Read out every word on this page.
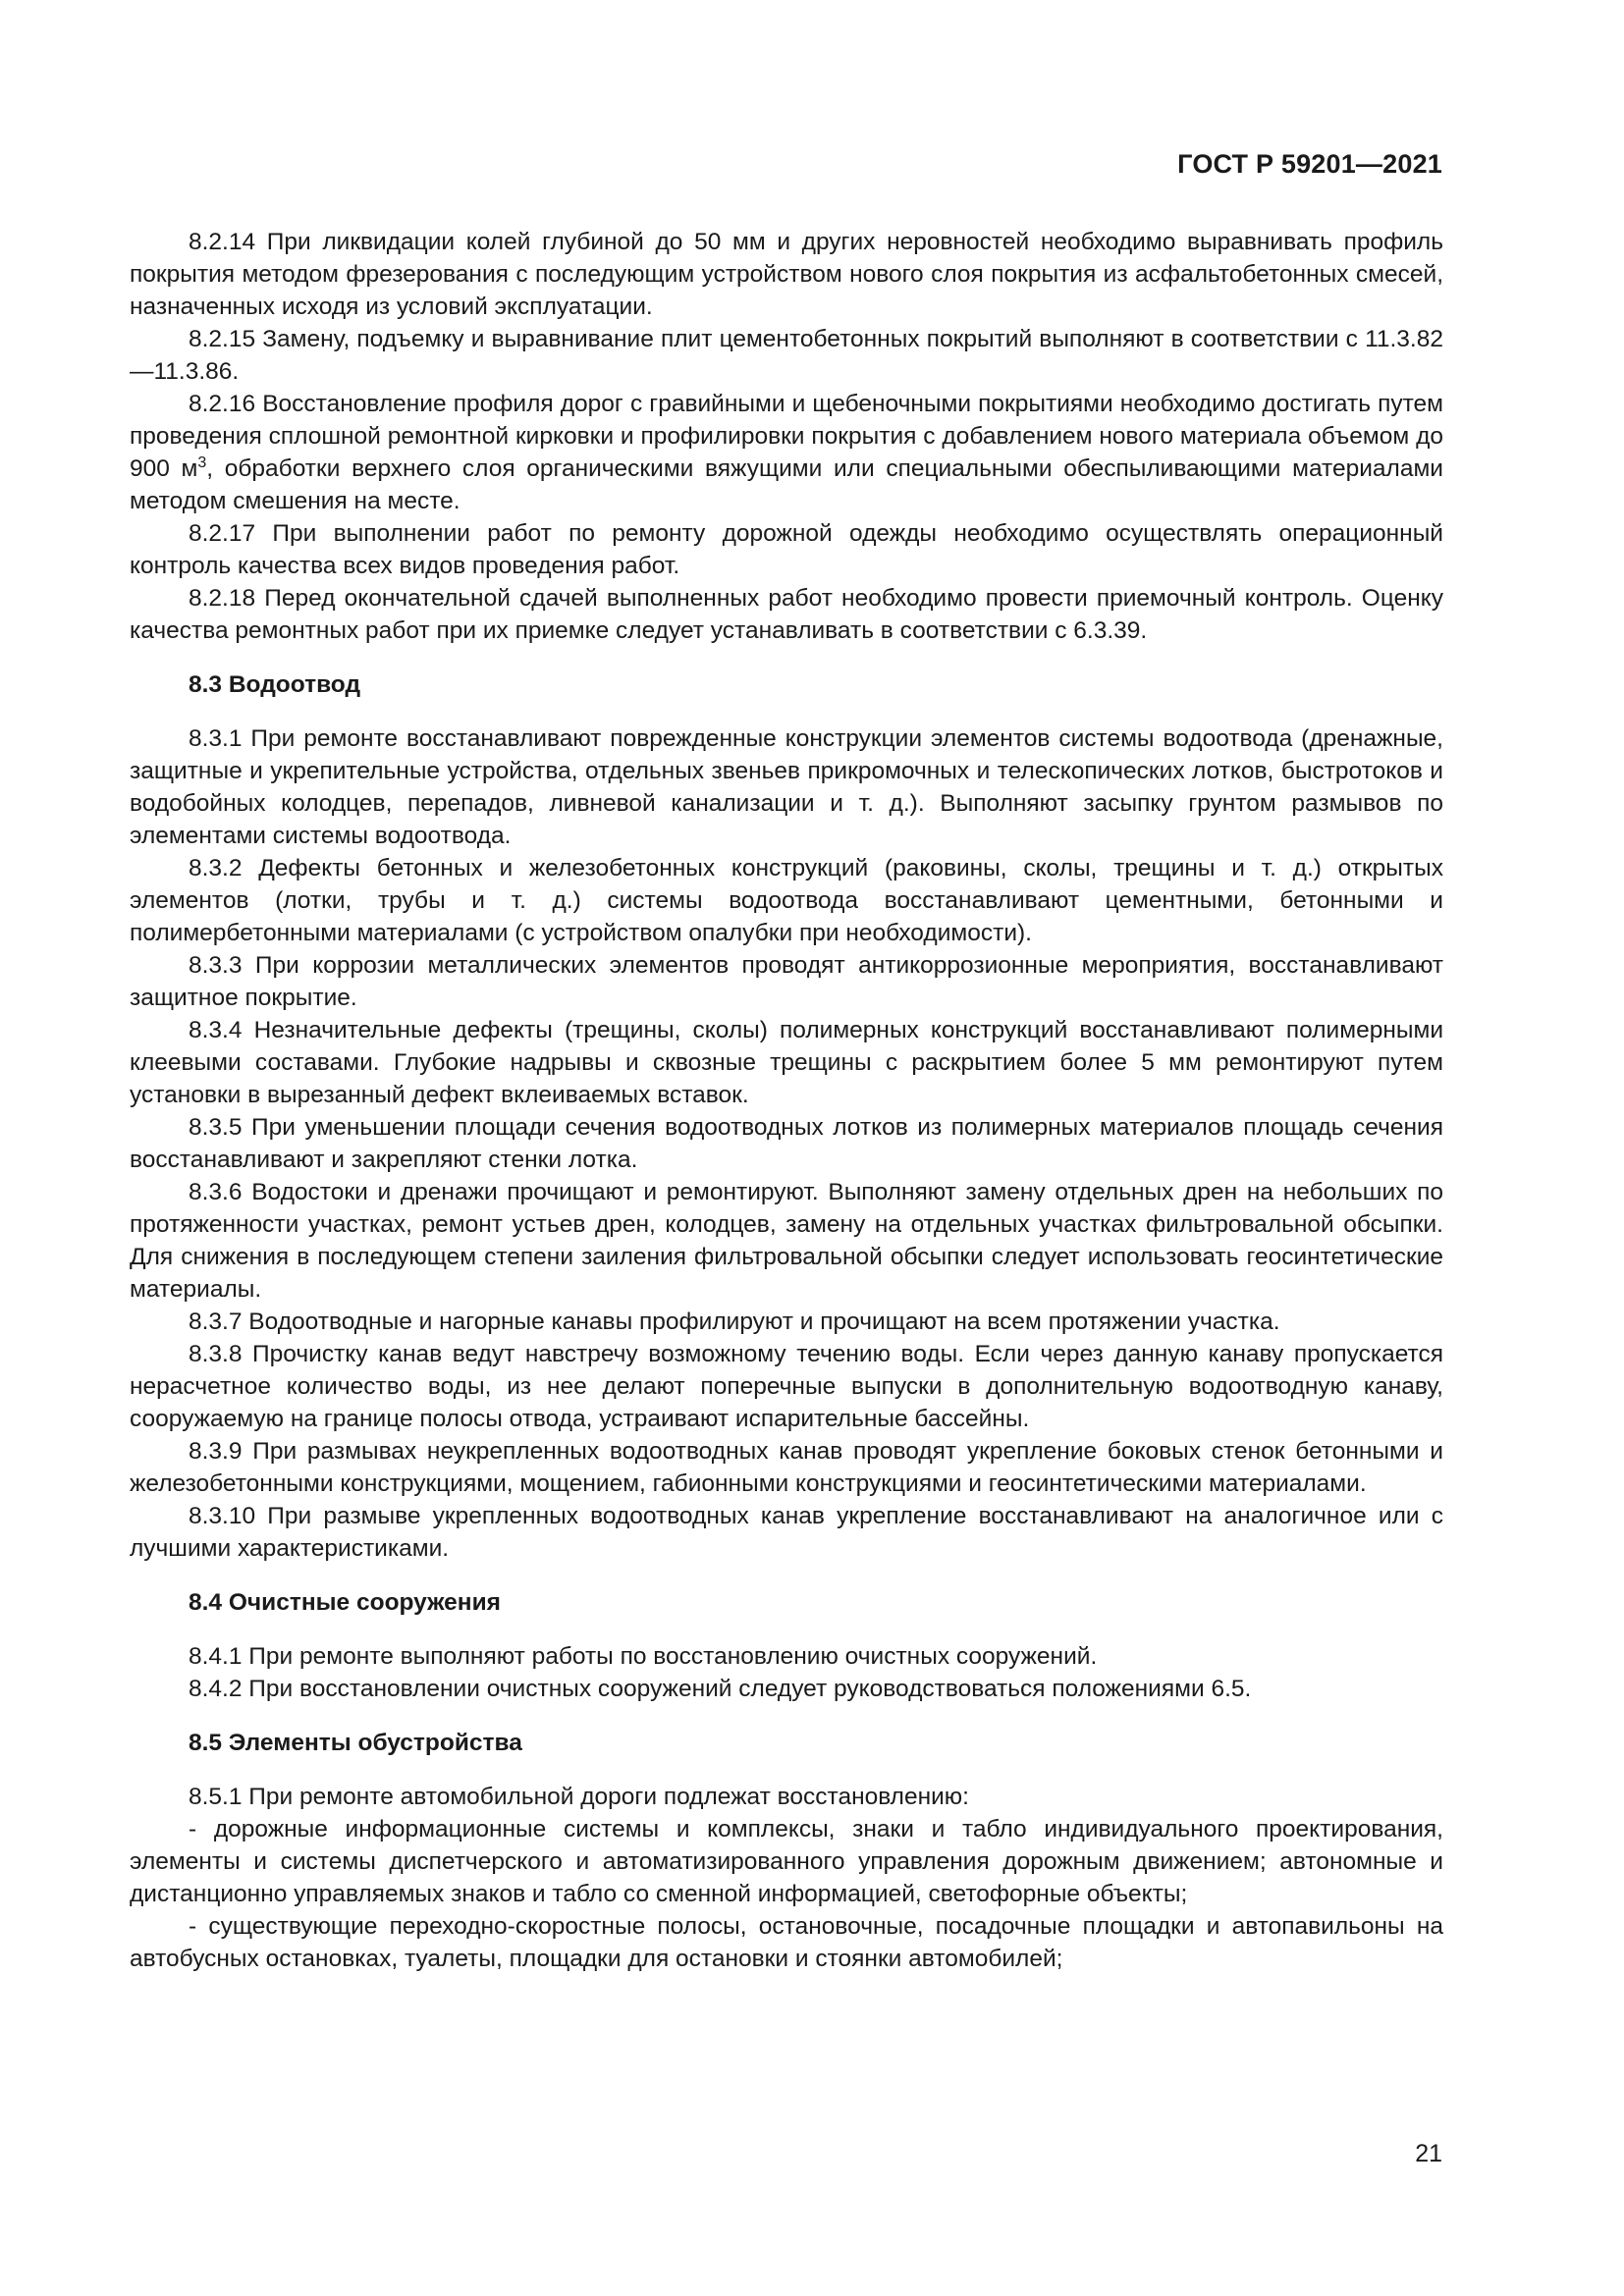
ГОСТ Р 59201—2021
8.2.14 При ликвидации колей глубиной до 50 мм и других неровностей необходимо выравнивать профиль покрытия методом фрезерования с последующим устройством нового слоя покрытия из асфальтобетонных смесей, назначенных исходя из условий эксплуатации.
8.2.15 Замену, подъемку и выравнивание плит цементобетонных покрытий выполняют в соответствии с 11.3.82—11.3.86.
8.2.16 Восстановление профиля дорог с гравийными и щебеночными покрытиями необходимо достигать путем проведения сплошной ремонтной кирковки и профилировки покрытия с добавлением нового материала объемом до 900 $м^3$, обработки верхнего слоя органическими вяжущими или специальными обеспыливающими материалами методом смешения на месте.
8.2.17 При выполнении работ по ремонту дорожной одежды необходимо осуществлять операционный контроль качества всех видов проведения работ.
8.2.18 Перед окончательной сдачей выполненных работ необходимо провести приемочный контроль. Оценку качества ремонтных работ при их приемке следует устанавливать в соответствии с 6.3.39.
8.3 Водоотвод
8.3.1 При ремонте восстанавливают поврежденные конструкции элементов системы водоотвода (дренажные, защитные и укрепительные устройства, отдельных звеньев прикромочных и телескопических лотков, быстротоков и водобойных колодцев, перепадов, ливневой канализации и т. д.). Выполняют засыпку грунтом размывов по элементами системы водоотвода.
8.3.2 Дефекты бетонных и железобетонных конструкций (раковины, сколы, трещины и т. д.) открытых элементов (лотки, трубы и т. д.) системы водоотвода восстанавливают цементными, бетонными и полимербетонными материалами (с устройством опалубки при необходимости).
8.3.3 При коррозии металлических элементов проводят антикоррозионные мероприятия, восстанавливают защитное покрытие.
8.3.4 Незначительные дефекты (трещины, сколы) полимерных конструкций восстанавливают полимерными клеевыми составами. Глубокие надрывы и сквозные трещины с раскрытием более 5 мм ремонтируют путем установки в вырезанный дефект вклеиваемых вставок.
8.3.5 При уменьшении площади сечения водоотводных лотков из полимерных материалов площадь сечения восстанавливают и закрепляют стенки лотка.
8.3.6 Водостоки и дренажи прочищают и ремонтируют. Выполняют замену отдельных дрен на небольших по протяженности участках, ремонт устьев дрен, колодцев, замену на отдельных участках фильтровальной обсыпки. Для снижения в последующем степени заиления фильтровальной обсыпки следует использовать геосинтетические материалы.
8.3.7 Водоотводные и нагорные канавы профилируют и прочищают на всем протяжении участка.
8.3.8 Прочистку канав ведут навстречу возможному течению воды. Если через данную канаву пропускается нерасчетное количество воды, из нее делают поперечные выпуски в дополнительную водоотводную канаву, сооружаемую на границе полосы отвода, устраивают испарительные бассейны.
8.3.9 При размывах неукрепленных водоотводных канав проводят укрепление боковых стенок бетонными и железобетонными конструкциями, мощением, габионными конструкциями и геосинтетическими материалами.
8.3.10 При размыве укрепленных водоотводных канав укрепление восстанавливают на аналогичное или с лучшими характеристиками.
8.4 Очистные сооружения
8.4.1 При ремонте выполняют работы по восстановлению очистных сооружений.
8.4.2 При восстановлении очистных сооружений следует руководствоваться положениями 6.5.
8.5 Элементы обустройства
8.5.1 При ремонте автомобильной дороги подлежат восстановлению:
- дорожные информационные системы и комплексы, знаки и табло индивидуального проектирования, элементы и системы диспетчерского и автоматизированного управления дорожным движением; автономные и дистанционно управляемых знаков и табло со сменной информацией, светофорные объекты;
- существующие переходно-скоростные полосы, остановочные, посадочные площадки и автопавильоны на автобусных остановках, туалеты, площадки для остановки и стоянки автомобилей;
21
